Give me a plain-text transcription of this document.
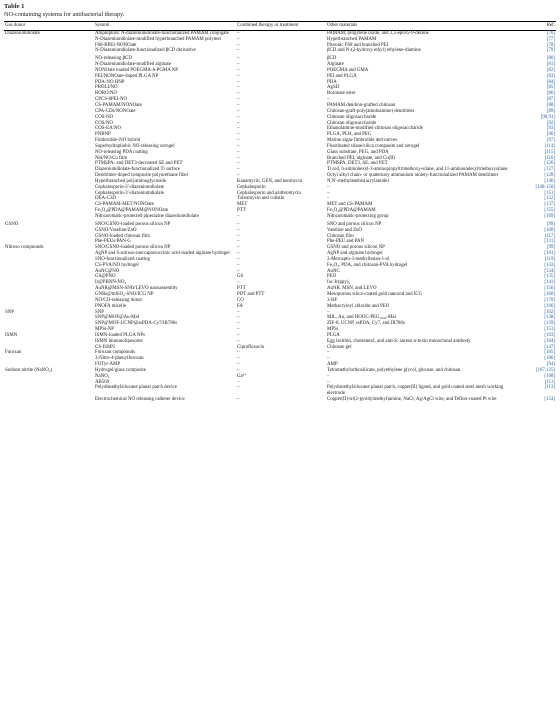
Table 1
NO-containing systems for antibacterial therapy.
Gas donor	System	Combined therapy or treatment	Other materials	Ref.
Diazeniumdiolate	Amphiphilic N-diazeniumdiolate-functionalized PAMAM conjugate	–	PAMAM, propylene oxide, and 1,2-epoxy-9-decene	[76]
	N-Diazeniumdiolate-modified hyperbranched PAMAM polymer	–	Hyperbranched PAMAM	[77]
	F68-BPEI-NONOate	–	Pluronic F68 and branched PEI	[78]
	N-Diazeniumdiolate-functionalized βCD derivative	–	βCD and N-(2-hydroxy ethyl) ethylene-diamine	[79]
	NO-releasing βCD	–	βCD	[80]
	N-Diazeniumdiolate-modified alginate	–	Alginate	[81]
	NONOate loaded POEGMA-b-PGMA NP	–	POEGMA and GMA	[82]
	PEI/NONOate-doped PLGA NP	–	PEI and PLGA	[83]
	PDA-NO HNP	–	PDA	[84]
	PROLI/NO	–	AgSD	[85]
	BORO/NO	–	Boronate ester	[86]
	CPCS-bPEI-NO	–	–	[87]
	CS-PAMAM/NONOate	–	PAMAM dendron-grafted chitosan	[88]
	CPA-CDs/NONOate	–	Chitosan-graft-poly(amidoamine) dendrimer	[89]
	COS-NO	–	Chitosan oligosaccharide	[90,91]
	COS/NO	–	Chitosan oligosaccharide	[92]
	COS-EA/NO	–	Ethanolamine-modified chitosan oligosaccharide	[93]
	PNBNP	–	PLGA, PLH, and PEG	[96]
	Fimbrolide–NO hybrid	–	Marine algae fimbrolide derivatives	[97]
	Superhydrophobic NO-releasing xerogel	–	Fluorinated silane/silica composite and xerogel	[114]
	NO-releasing PDA coating	–	Glass substrate, PEG, and PDA	[115]
	Nbi/NO/Cu film	–	Branched PEI, alginate, and Cu(II)	[116]
	PTMSPA- and DET3-decorated SE and PET	–	PTMSPA, DET3, SE, and PET	[126]
	Diazeniumdiolate-functionalized Ti surface	–	Ti rod, 6-aminohexyl-3-aminopropyltrimethoxy-silane, and 11-aminoundecyltriethoxysilane	[127]
	Dendrimer-doped composite polyurethane fiber	–	Octyl alkyl chain- or quaternary ammonium moiety-functionalized PAMAM dendrimer	[128]
	Hyperbranched polyaminoglycoside	Kanamycin, GEN, and neomycin	N,N′-methylenebis(acrylamide)	[146]
	Cephalosporin-3′-diazeniumdiolate	Cephalosporin	–	[148-150]
	Cephalosporin-3′-diazeniumdiolate	Cephalosporin and azithromycin	–	[151]
	DEA-C3D	Tobramycin and colistin	–	[152]
	CS-PAMAM-MET/NONOate	MET	MET and CS-PAMAM	[137]
	Fe₃O₄@PDA@PAMAM@NONOate	PTT	Fe₃O₄@PDA@PAMAM	[155]
	Nitroaromatic-protected piperazine diazeniumdiolate	–	Nitroaromatic-protecting group	[169]
GSNO	SNO/GSNO-loaded porous silicon NP	–	SNO and porous silicon NP	[99]
	GSNO/Vaseline/ZnO	–	Vaseline and ZnO	[100]
	GSNO-loaded chitosan film	–	Chitosan film	[117]
	Phe-PEUs/PAN-G	–	Phe-PEU and PAN	[131]
Nitroso compounds	SNO/GSNO-loaded porous silicon NP	–	GSNO and porous silicon NP	[99]
	AgNP and S-nitroso-mercaptosuccinic acid-loaded alginate hydrogel	–	AgNP and alginate hydrogel	[101]
	SNO-functionalized coating	–	3-Mercapto-3-methylbutan-1-ol	[119]
	CS-PVA/NO hydrogel	–	Fe₃O₄, PDA, and chitosan-PVA hydrogel	[133]
	AuNC@NO	–	AuNC	[134]
	GS@PNO	GS	PEO	[135]
	Ir@PBNN-NO₂	–	fac-Ir(ppy)₃	[141]
	AuNR@MSN-SNO/LEVO nanoassembly	PTT	AuNR, MSN, and LEVO	[156]
	GNRs@mSiO₂-SNO/ICG NP	PDT and PTT	Mesoporous silica-coated gold nanorod and ICG	[160]
	NO/CO-releasing donor	CO	3-HF	[170]
	PNOFA micelle	FA	Methacryloyl chloride and PEO	[166]
SNP	SNP	–	–	[102]
	SNP@MOF@Au-Mal	–	MIL, Au, and HOOC-PEG₅₀₀₀-Mal	[138]
	SNP@MOF-UCNP@ssPDA-Cy7/IR786s	–	ZIF-8, UCNP, ssPDA, Cy7, and IR786s	[139]
	MPSi-NP	–	MPSi	[153]
ISMN	ISMN-loaded PLGA NPs	–	PLGA	[103]
	ISMN immunoliposome	–	Egg lecithin, cholesterol, and anti-S. aureus α-toxin monoclonal antibody	[104]
	CS-ISMN	Ciprofloxacin	Chitosan gel	[147]
Furoxan	Furoxan compounds	–	–	[105]
	3-Nitro-4-phenylfuroxan	–	–	[106]
	FOTyr-AMP	–	AMP	[94]
Sodium nitrite (NaNO₂)	Hydrogel/glass composite	–	Tetramethylorthosilicate, polyethylene glycol, glucose, and chitosan	[107,125]
	NaNO₂	Ga³⁺	–	[108]
	AB569	–	–	[111]
	Polydimethylsiloxane planar patch device	–	Polydimethylsiloxane planar patch, copper(II) ligand, and gold coated steel mesh working electrode	[113]
	Electrochemical NO releasing catheter device	–	Copper(II)-tri(2-pyridylmethyl)amine, NaCl, Ag/AgCl wire, and Teflon-coated Pt wire	[154]
